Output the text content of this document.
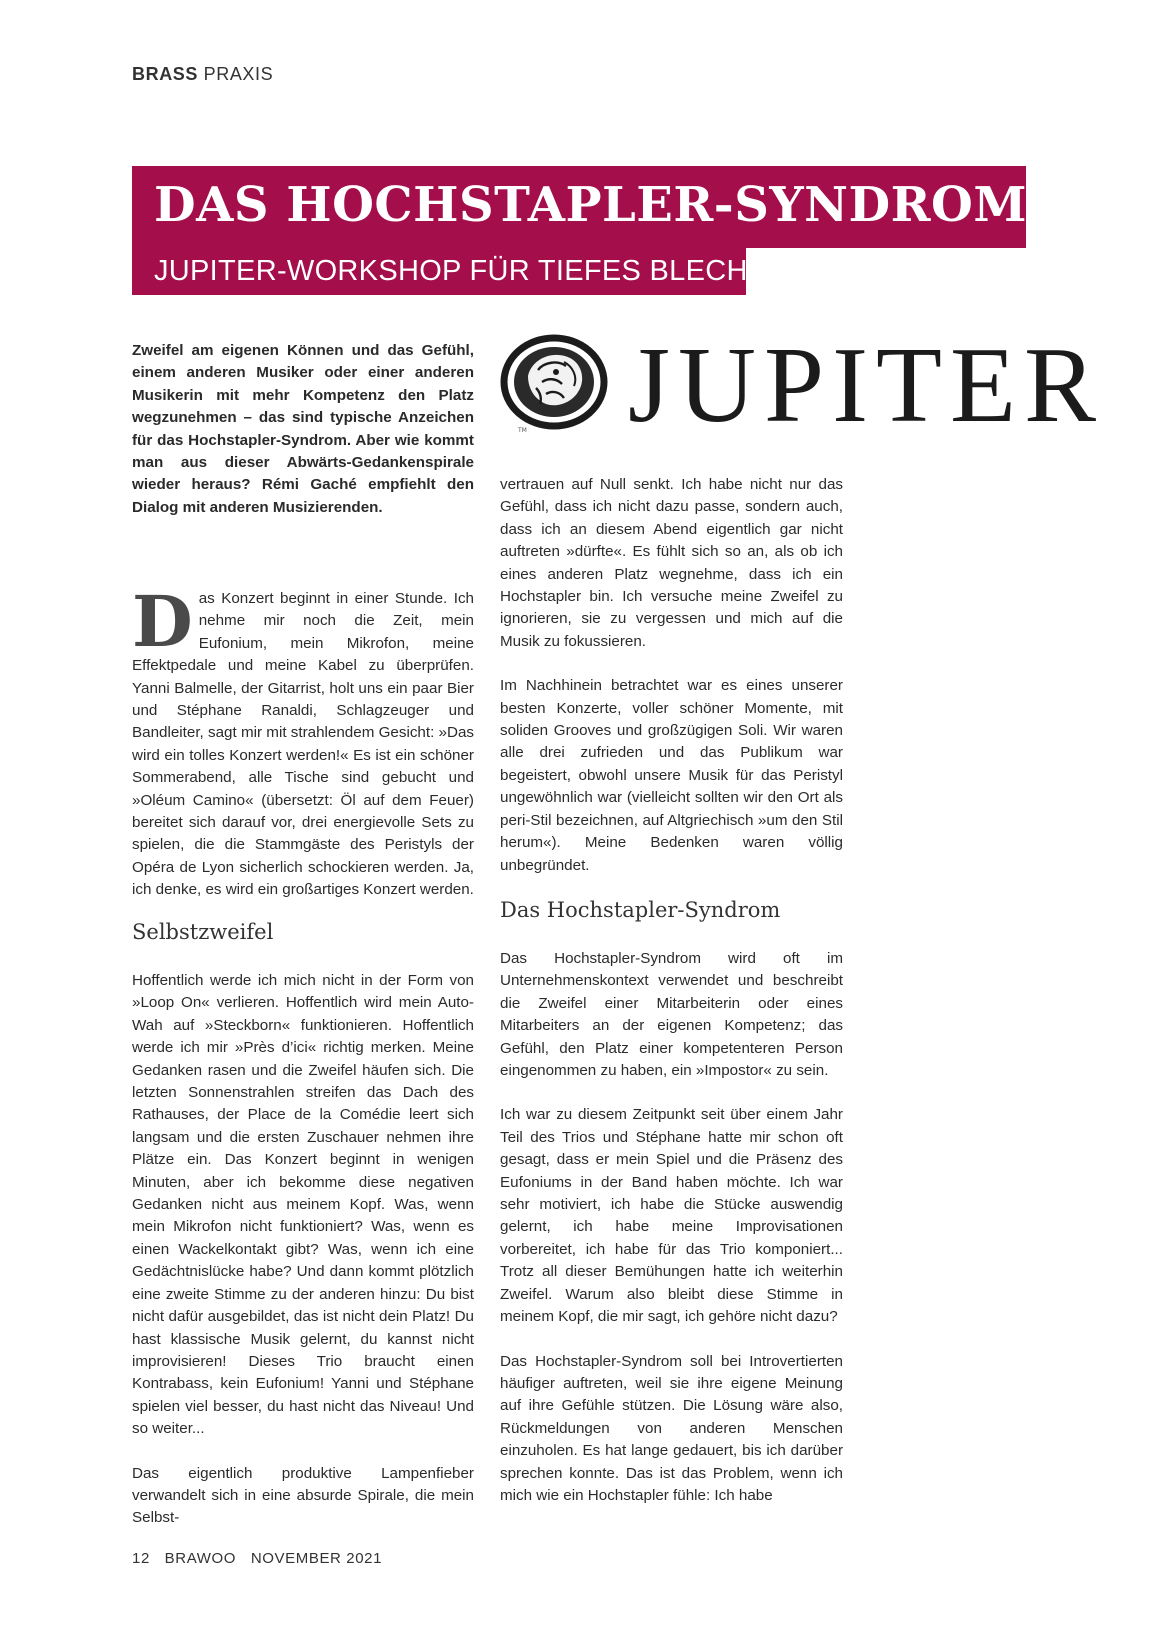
BRASS PRAXIS
DAS HOCHSTAPLER-SYNDROM
JUPITER-WORKSHOP FÜR TIEFES BLECH

Zweifel am eigenen Können und das Gefühl, einem anderen Musiker oder einer anderen Musikerin mit mehr Kompetenz den Platz wegzunehmen – das sind typische Anzeichen für das Hochstapler-Syndrom. Aber wie kommt man aus dieser Abwärts-Gedankenspirale wieder heraus? Rémi Gaché empfiehlt den Dialog mit anderen Musizierenden.

TM JUPITER

Das Konzert beginnt in einer Stunde. Ich nehme mir noch die Zeit, mein Eufonium, mein Mikrofon, meine Effektpedale und meine Kabel zu überprüfen. Yanni Balmelle, der Gitarrist, holt uns ein paar Bier und Stéphane Ranaldi, Schlagzeuger und Bandleiter, sagt mir mit strahlendem Gesicht: »Das wird ein tolles Konzert werden!« Es ist ein schöner Sommerabend, alle Tische sind gebucht und »Oléum Camino« (übersetzt: Öl auf dem Feuer) bereitet sich darauf vor, drei energievolle Sets zu spielen, die die Stammgäste des Peristyls der Opéra de Lyon sicherlich schockieren werden. Ja, ich denke, es wird ein großartiges Konzert werden.

Selbstzweifel

Hoffentlich werde ich mich nicht in der Form von »Loop On« verlieren. Hoffentlich wird mein Auto-Wah auf »Steckborn« funktionieren. Hoffentlich werde ich mir »Près d’ici« richtig merken. Meine Gedanken rasen und die Zweifel häufen sich. Die letzten Sonnenstrahlen streifen das Dach des Rathauses, der Place de la Comédie leert sich langsam und die ersten Zuschauer nehmen ihre Plätze ein. Das Konzert beginnt in wenigen Minuten, aber ich bekomme diese negativen Gedanken nicht aus meinem Kopf. Was, wenn mein Mikrofon nicht funktioniert? Was, wenn es einen Wackelkontakt gibt? Was, wenn ich eine Gedächtnislücke habe? Und dann kommt plötzlich eine zweite Stimme zu der anderen hinzu: Du bist nicht dafür ausgebildet, das ist nicht dein Platz! Du hast klassische Musik gelernt, du kannst nicht improvisieren! Dieses Trio braucht einen Kontrabass, kein Eufonium! Yanni und Stéphane spielen viel besser, du hast nicht das Niveau! Und so weiter...

Das eigentlich produktive Lampenfieber verwandelt sich in eine absurde Spirale, die mein Selbst-

vertrauen auf Null senkt. Ich habe nicht nur das Gefühl, dass ich nicht dazu passe, sondern auch, dass ich an diesem Abend eigentlich gar nicht auftreten »dürfte«. Es fühlt sich so an, als ob ich eines anderen Platz wegnehme, dass ich ein Hochstapler bin. Ich versuche meine Zweifel zu ignorieren, sie zu vergessen und mich auf die Musik zu fokussieren.

Im Nachhinein betrachtet war es eines unserer besten Konzerte, voller schöner Momente, mit soliden Grooves und großzügigen Soli. Wir waren alle drei zufrieden und das Publikum war begeistert, obwohl unsere Musik für das Peristyl ungewöhnlich war (vielleicht sollten wir den Ort als peri-Stil bezeichnen, auf Altgriechisch »um den Stil herum«). Meine Bedenken waren völlig unbegründet.

Das Hochstapler-Syndrom

Das Hochstapler-Syndrom wird oft im Unternehmenskontext verwendet und beschreibt die Zweifel einer Mitarbeiterin oder eines Mitarbeiters an der eigenen Kompetenz; das Gefühl, den Platz einer kompetenteren Person eingenommen zu haben, ein »Impostor« zu sein.

Ich war zu diesem Zeitpunkt seit über einem Jahr Teil des Trios und Stéphane hatte mir schon oft gesagt, dass er mein Spiel und die Präsenz des Eufoniums in der Band haben möchte. Ich war sehr motiviert, ich habe die Stücke auswendig gelernt, ich habe meine Improvisationen vorbereitet, ich habe für das Trio komponiert... Trotz all dieser Bemühungen hatte ich weiterhin Zweifel. Warum also bleibt diese Stimme in meinem Kopf, die mir sagt, ich gehöre nicht dazu?

Das Hochstapler-Syndrom soll bei Introvertierten häufiger auftreten, weil sie ihre eigene Meinung auf ihre Gefühle stützen. Die Lösung wäre also, Rückmeldungen von anderen Menschen einzuholen. Es hat lange gedauert, bis ich darüber sprechen konnte. Das ist das Problem, wenn ich mich wie ein Hochstapler fühle: Ich habe

12 BRAWOO NOVEMBER 2021
